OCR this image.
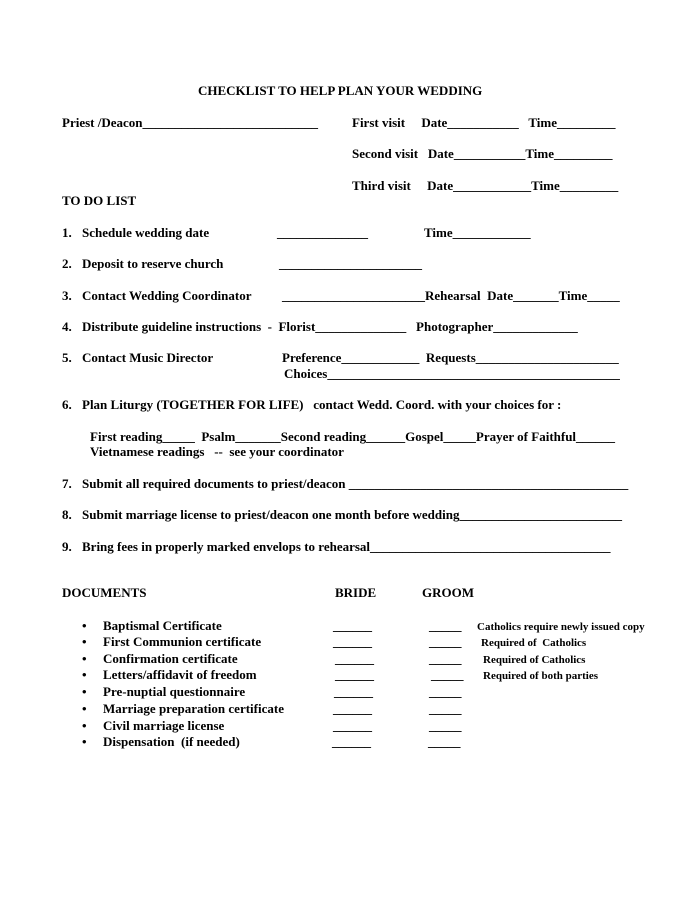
CHECKLIST TO HELP PLAN YOUR WEDDING
Priest /Deacon___________________________	First visit     Date___________   Time_________
Second visit   Date___________Time_________
Third visit     Date____________Time_________
TO DO LIST
1. Schedule wedding date	______________	Time____________
2. Deposit to reserve church	______________________
3. Contact Wedding Coordinator ______________________Rehearsal  Date_______Time_____
4. Distribute guideline instructions  -  Florist______________   Photographer_____________
5. Contact Music Director	Preference____________  Requests______________________
Choices_____________________________________________
6. Plan Liturgy (TOGETHER FOR LIFE)   contact Wedd. Coord. with your choices for :
First reading_____  Psalm_______Second reading______Gospel_____Prayer of Faithful______
Vietnamese readings   --  see your coordinator
7. Submit all required documents to priest/deacon ___________________________________________
8. Submit marriage license to priest/deacon one month before wedding_________________________
9. Bring fees in properly marked envelops to rehearsal_____________________________________
DOCUMENTS	BRIDE	GROOM
• Baptismal Certificate	______	_____ Catholics require newly issued copy
• First Communion certificate	______	_____ Required of  Catholics
• Confirmation certificate	______	_____ Required of Catholics
• Letters/affidavit of freedom	______	_____ Required of both parties
• Pre-nuptial questionnaire	______	_____
• Marriage preparation certificate	______	_____
• Civil marriage license	______	_____
• Dispensation  (if needed)	______	_____
